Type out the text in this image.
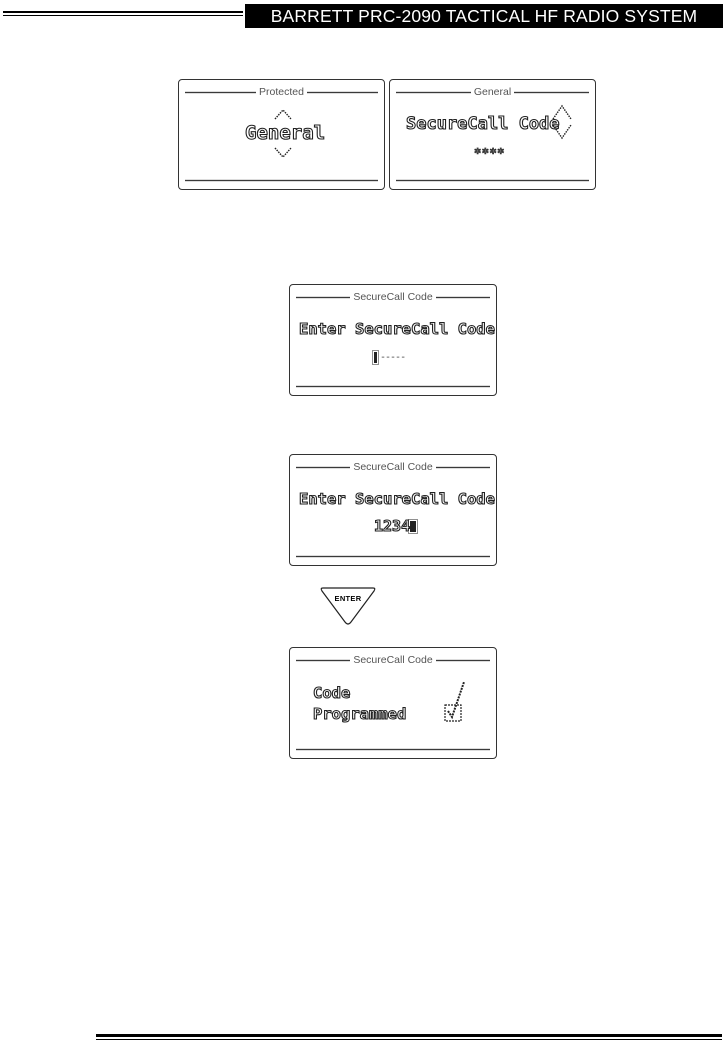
BARRETT PRC-2090 TACTICAL HF RADIO SYSTEM
Protected
General
General
SecureCall Code
****
SecureCall Code
Enter SecureCall Code
-----
SecureCall Code
Enter SecureCall Code
1234
ENTER
SecureCall Code
Code
Programmed
